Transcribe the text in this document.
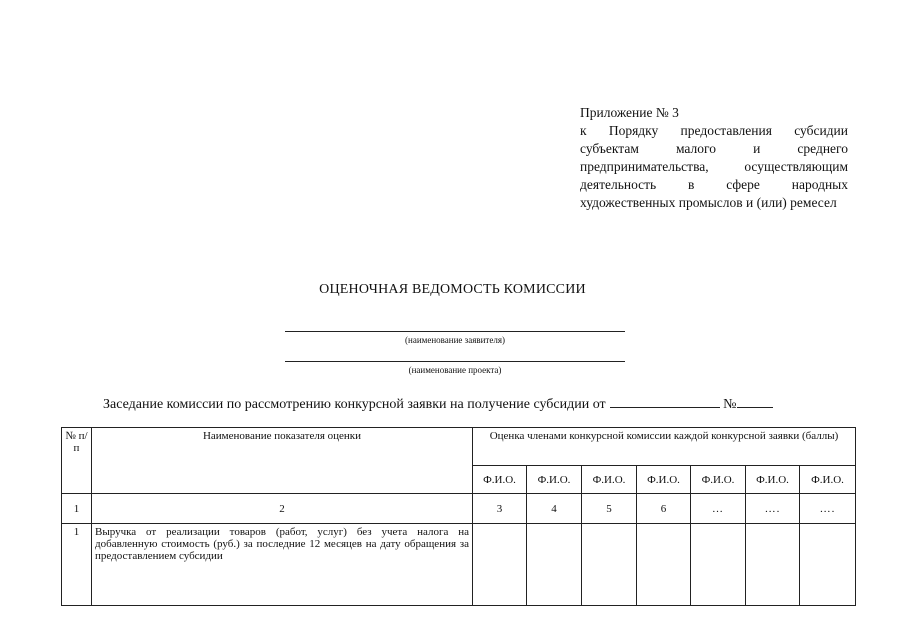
Приложение № 3
к Порядку предоставления субсидии субъектам малого и среднего предпринимательства, осуществляющим деятельность в сфере народных художественных промыслов и (или) ремесел
ОЦЕНОЧНАЯ ВЕДОМОСТЬ КОМИССИИ
(наименование заявителя)
(наименование проекта)
Заседание комиссии по рассмотрению конкурсной заявки на получение субсидии от	№
№ п/п	Наименование показателя оценки	Оценка членами конкурсной комиссии каждой конкурсной заявки (баллы)						
		Ф.И.О.	Ф.И.О.	Ф.И.О.	Ф.И.О.	Ф.И.О.	Ф.И.О.	Ф.И.О.
1	2	3	4	5	6	…	….	….
1	Выручка от реализации товаров (работ, услуг) без учета налога на добавленную стоимость (руб.) за последние 12 месяцев на дату обращения за предоставлением субсидии							
